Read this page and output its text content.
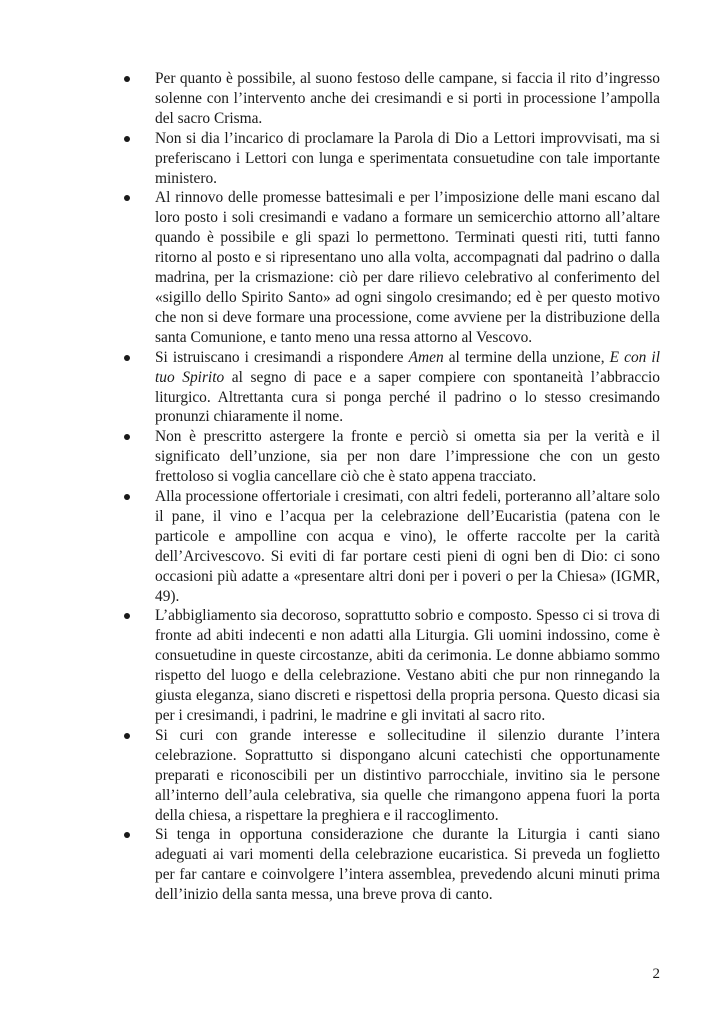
Per quanto è possibile, al suono festoso delle campane, si faccia il rito d’ingresso solenne con l’intervento anche dei cresimandi e si porti in processione l’ampolla del sacro Crisma.
Non si dia l’incarico di proclamare la Parola di Dio a Lettori improvvisati, ma si preferiscano i Lettori con lunga e sperimentata consuetudine con tale importante ministero.
Al rinnovo delle promesse battesimali e per l’imposizione delle mani escano dal loro posto i soli cresimandi e vadano a formare un semicerchio attorno all’altare quando è possibile e gli spazi lo permettono. Terminati questi riti, tutti fanno ritorno al posto e si ripresentano uno alla volta, accompagnati dal padrino o dalla madrina, per la crismazione: ciò per dare rilievo celebrativo al conferimento del «sigillo dello Spirito Santo» ad ogni singolo cresimando; ed è per questo motivo che non si deve formare una processione, come avviene per la distribuzione della santa Comunione, e tanto meno una ressa attorno al Vescovo.
Si istruiscano i cresimandi a rispondere Amen al termine della unzione, E con il tuo Spirito al segno di pace e a saper compiere con spontaneità l’abbraccio liturgico. Altrettanta cura si ponga perché il padrino o lo stesso cresimando pronunzi chiaramente il nome.
Non è prescritto astergere la fronte e perciò si ometta sia per la verità e il significato dell’unzione, sia per non dare l’impressione che con un gesto frettoloso si voglia cancellare ciò che è stato appena tracciato.
Alla processione offertoriale i cresimati, con altri fedeli, porteranno all’altare solo il pane, il vino e l’acqua per la celebrazione dell’Eucaristia (patena con le particole e ampolline con acqua e vino), le offerte raccolte per la carità dell’Arcivescovo. Si eviti di far portare cesti pieni di ogni ben di Dio: ci sono occasioni più adatte a «presentare altri doni per i poveri o per la Chiesa» (IGMR, 49).
L’abbigliamento sia decoroso, soprattutto sobrio e composto. Spesso ci si trova di fronte ad abiti indecenti e non adatti alla Liturgia. Gli uomini indossino, come è consuetudine in queste circostanze, abiti da cerimonia. Le donne abbiamo sommo rispetto del luogo e della celebrazione. Vestano abiti che pur non rinnegando la giusta eleganza, siano discreti e rispettosi della propria persona. Questo dicasi sia per i cresimandi, i padrini, le madrine e gli invitati al sacro rito.
Si curi con grande interesse e sollecitudine il silenzio durante l’intera celebrazione. Soprattutto si dispongano alcuni catechisti che opportunamente preparati e riconoscibili per un distintivo parrocchiale, invitino sia le persone all’interno dell’aula celebrativa, sia quelle che rimangono appena fuori la porta della chiesa, a rispettare la preghiera e il raccoglimento.
Si tenga in opportuna considerazione che durante la Liturgia i canti siano adeguati ai vari momenti della celebrazione eucaristica. Si preveda un foglietto per far cantare e coinvolgere l’intera assemblea, prevedendo alcuni minuti prima dell’inizio della santa messa, una breve prova di canto.
2
